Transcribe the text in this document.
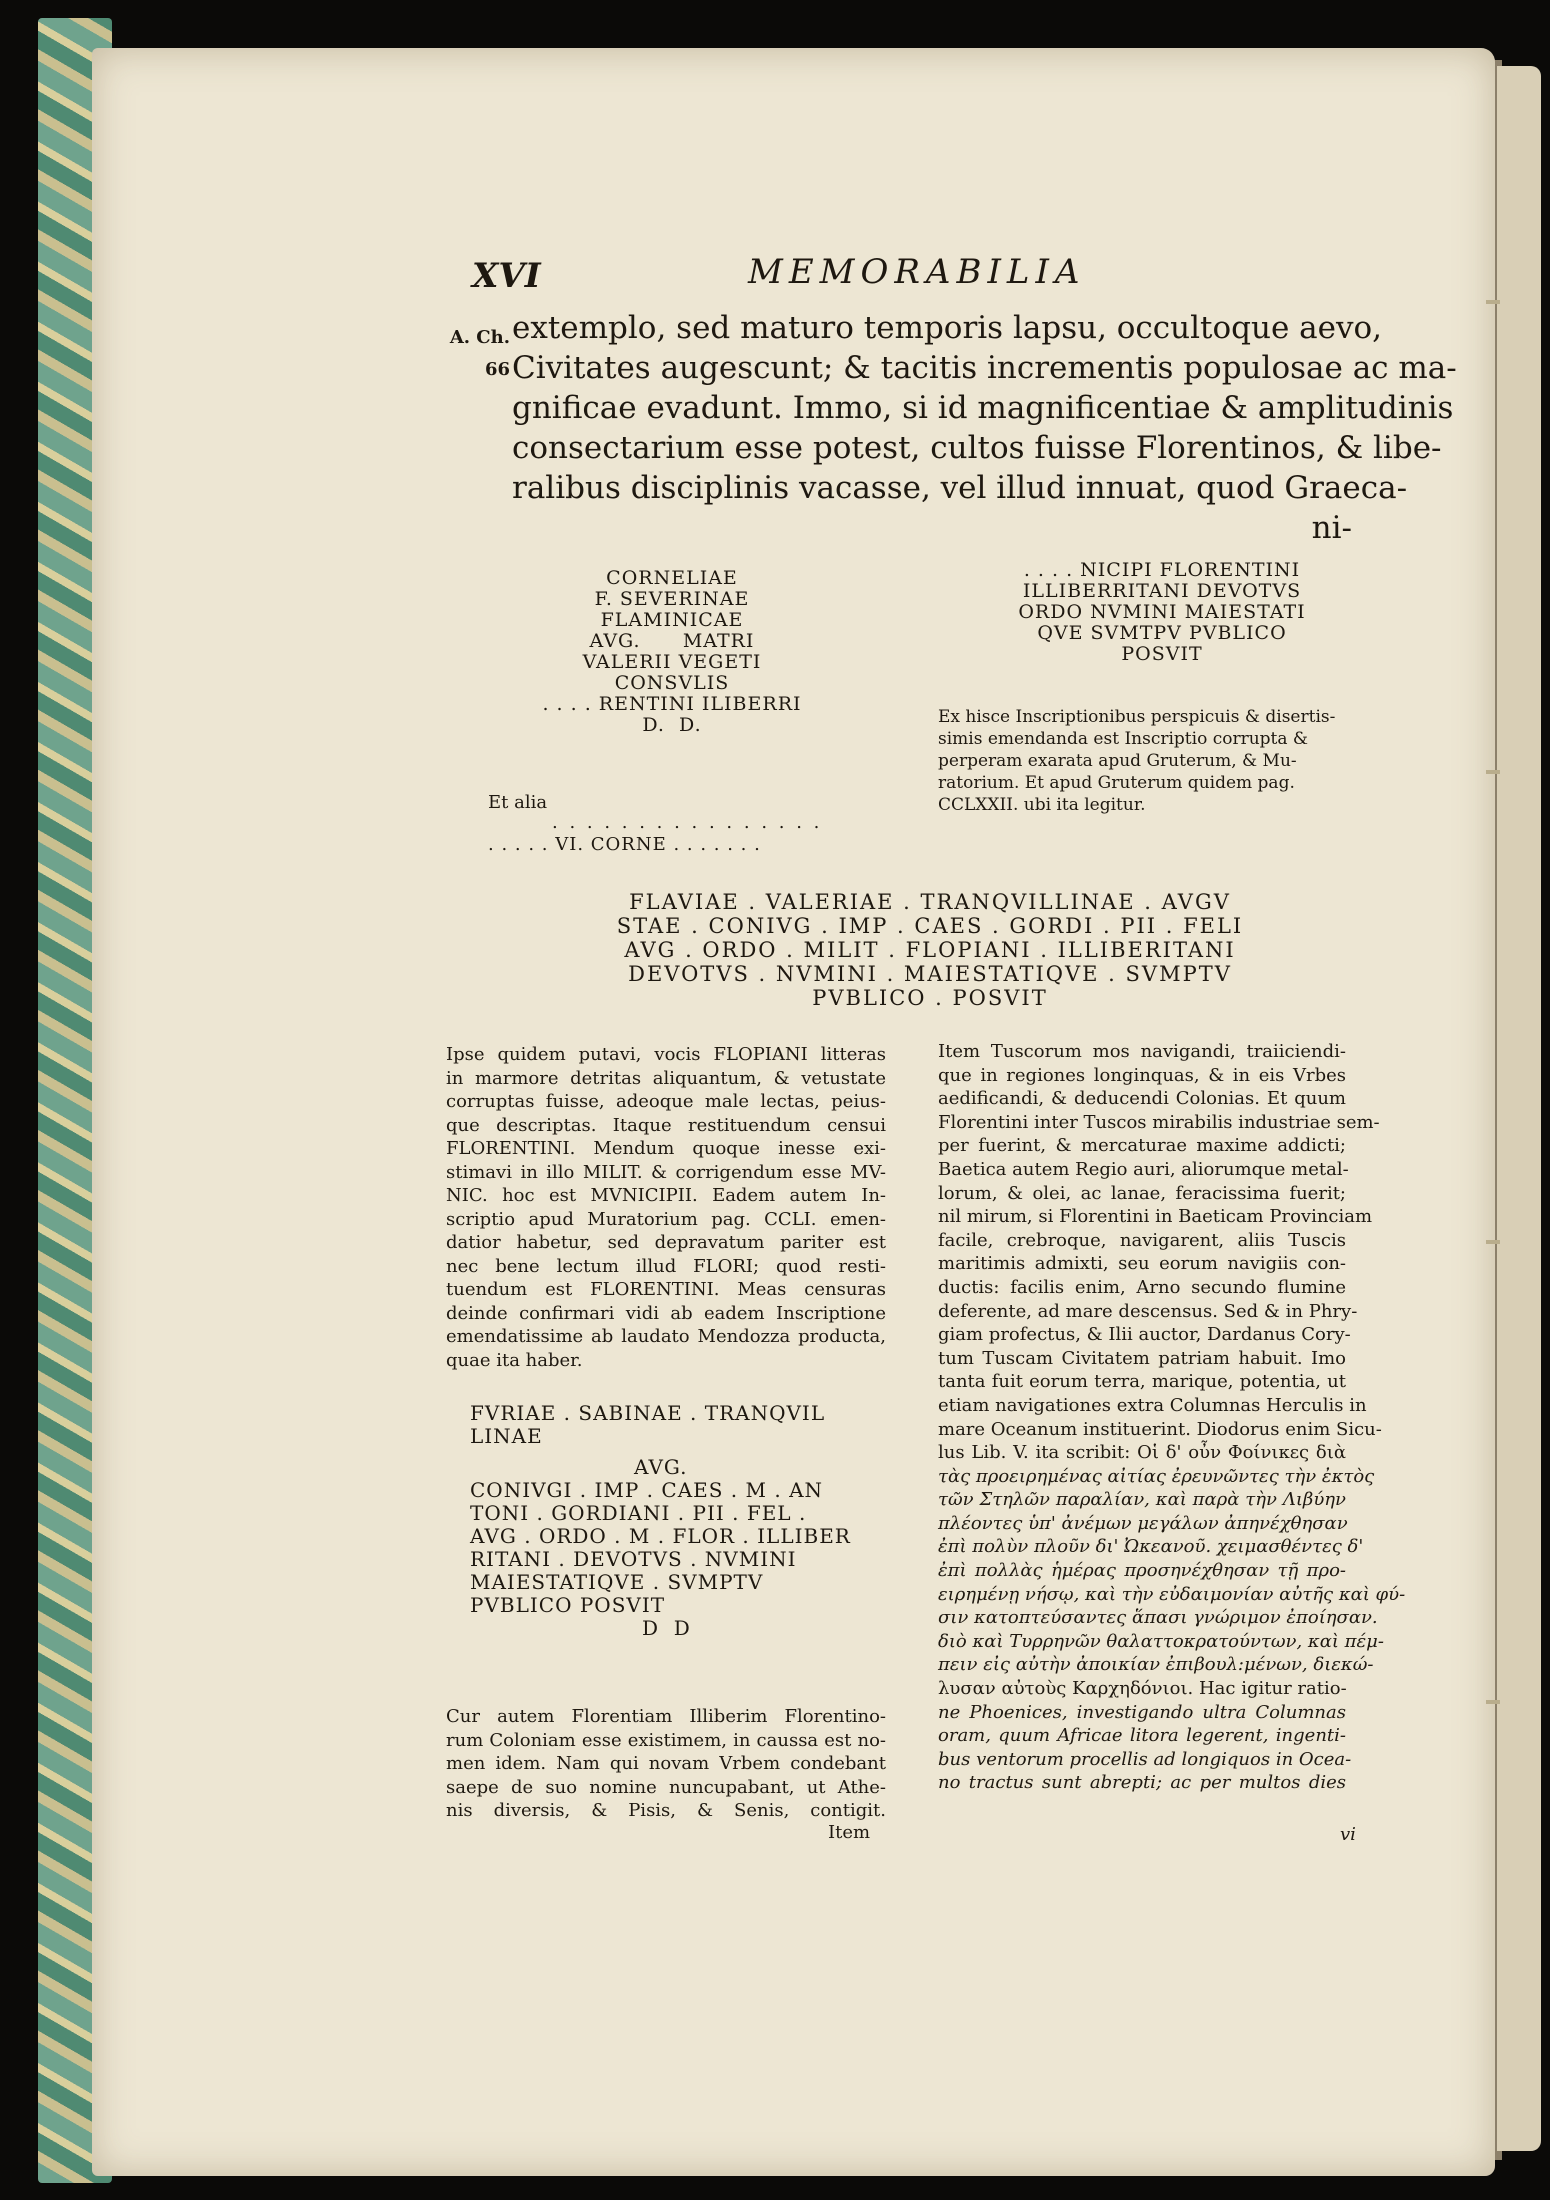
XVI	MEMORABILIA
A. Ch.
66
extemplo, sed maturo temporis lapsu, occultoque aevo,
Civitates augescunt; & tacitis incrementis populosae ac ma-
gnificae evadunt. Immo, si id magnificentiae & amplitudinis
consectarium esse potest, cultos fuisse Florentinos, & libe-
ralibus disciplinis vacasse, vel illud innuat, quod Graeca-
ni-
CORNELIAE
F. SEVERINAE
FLAMINICAE
AVG.      MATRI
VALERII VEGETI
CONSVLIS
. . . . RENTINI ILIBERRI
D.  D.
. . . . NICIPI FLORENTINI
ILLIBERRITANI DEVOTVS
ORDO NVMINI MAIESTATI
QVE SVMTPV PVBLICO
POSVIT
Ex hisce Inscriptionibus perspicuis & disertis-
simis emendanda est Inscriptio corrupta &
perperam exarata apud Gruterum, & Mu-
ratorium. Et apud Gruterum quidem pag.
CCLXXII. ubi ita legitur.
Et alia
. . . . . . . . . . . . . . . .
. . . . . VI. CORNE . . . . . . .
FLAVIAE . VALERIAE . TRANQVILLINAE . AVGV
STAE . CONIVG . IMP . CAES . GORDI . PII . FELI
AVG . ORDO . MILIT . FLOPIANI . ILLIBERITANI
DEVOTVS . NVMINI . MAIESTATIQVE . SVMPTV
PVBLICO . POSVIT
Ipse quidem putavi, vocis FLOPIANI litteras
in marmore detritas aliquantum, & vetustate
corruptas fuisse, adeoque male lectas, peius-
que descriptas. Itaque restituendum censui
FLORENTINI. Mendum quoque inesse exi-
stimavi in illo MILIT. & corrigendum esse MV-
NIC. hoc est MVNICIPII. Eadem autem In-
scriptio apud Muratorium pag. CCLI. emen-
datior habetur, sed depravatum pariter est
nec bene lectum illud FLORI; quod resti-
tuendum est FLORENTINI. Meas censuras
deinde confirmari vidi ab eadem Inscriptione
emendatissime ab laudato Mendozza producta,
quae ita haber.
FVRIAE . SABINAE . TRANQVIL
LINAE
AVG.
CONIVGI . IMP . CAES . M . AN
TONI . GORDIANI . PII . FEL .
AVG . ORDO . M . FLOR . ILLIBER
RITANI . DEVOTVS . NVMINI
MAIESTATIQVE . SVMPTV
PVBLICO POSVIT
D  D
Cur autem Florentiam Illiberim Florentino-
rum Coloniam esse existimem, in caussa est no-
men idem. Nam qui novam Vrbem condebant
saepe de suo nomine nuncupabant, ut Athe-
nis diversis, & Pisis, & Senis, contigit.
Item
Item Tuscorum mos navigandi, traiiciendi-
que in regiones longinquas, & in eis Vrbes
aedificandi, & deducendi Colonias. Et quum
Florentini inter Tuscos mirabilis industriae sem-
per fuerint, & mercaturae maxime addicti;
Baetica autem Regio auri, aliorumque metal-
lorum, & olei, ac lanae, feracissima fuerit;
nil mirum, si Florentini in Baeticam Provinciam
facile, crebroque, navigarent, aliis Tuscis
maritimis admixti, seu eorum navigiis con-
ductis: facilis enim, Arno secundo flumine
deferente, ad mare descensus. Sed & in Phry-
giam profectus, & Ilii auctor, Dardanus Cory-
tum Tuscam Civitatem patriam habuit. Imo
tanta fuit eorum terra, marique, potentia, ut
etiam navigationes extra Columnas Herculis in
mare Oceanum instituerint. Diodorus enim Sicu-
lus Lib. V. ita scribit: Οἱ δ' οὖν Φοίνικες διὰ
τὰς προειρημένας αἰτίας ἐρευνῶντες τὴν ἐκτὸς
τῶν Στηλῶν παραλίαν, καὶ παρὰ τὴν Λιβύην
πλέοντες ὑπ' ἀνέμων μεγάλων ἀπηνέχθησαν
ἐπὶ πολὺν πλοῦν δι' Ὠκεανοῦ. χειμασθέντες δ'
ἐπὶ πολλὰς ἡμέρας προσηνέχθησαν τῇ προ-
ειρημένῃ νήσῳ, καὶ τὴν εὐδαιμονίαν αὐτῆς καὶ φύ-
σιν κατοπτεύσαντες ἅπασι γνώριμον ἐποίησαν.
διὸ καὶ Τυρρηνῶν θαλαττοκρατούντων, καὶ πέμ-
πειν εἰς αὐτὴν ἀποικίαν ἐπιβουλ:μένων, διεκώ-
λυσαν αὐτοὺς Καρχηδόνιοι. Hac igitur ratio-
ne Phoenices, investigando ultra Columnas
oram, quum Africae litora legerent, ingenti-
bus ventorum procellis ad longiquos in Ocea-
no tractus sunt abrepti; ac per multos dies
vi
